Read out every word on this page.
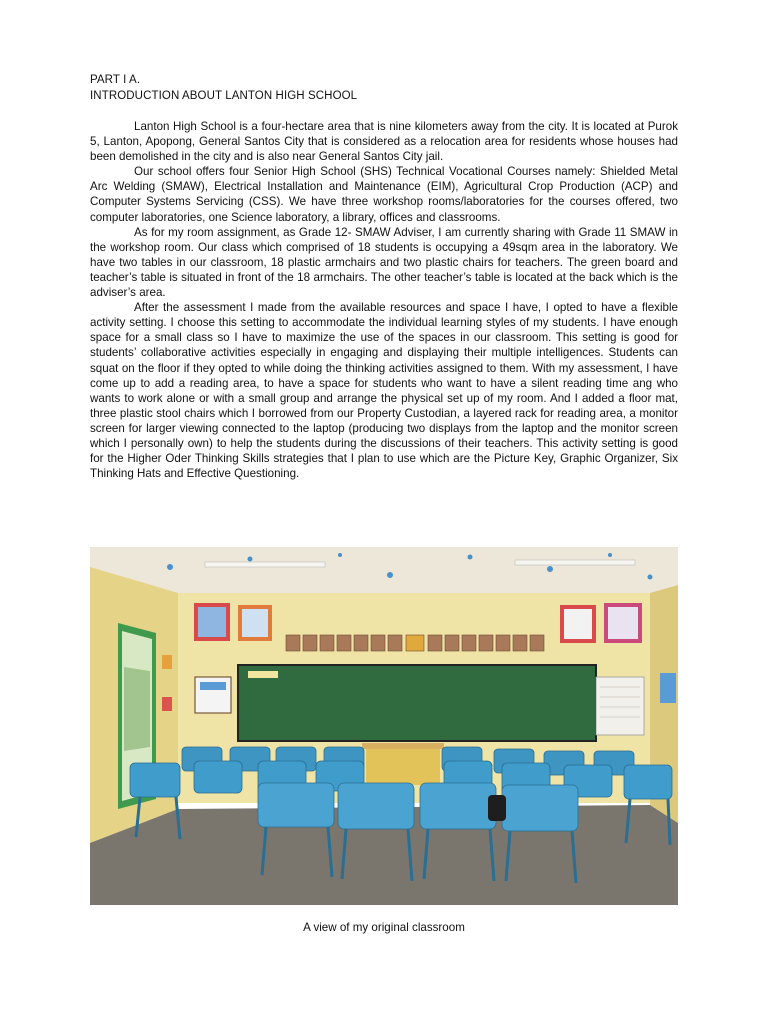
PART I A.
INTRODUCTION ABOUT LANTON HIGH SCHOOL

Lanton High School is a four-hectare area that is nine kilometers away from the city. It is located at Purok 5, Lanton, Apopong, General Santos City that is considered as a relocation area for residents whose houses had been demolished in the city and is also near General Santos City jail.

Our school offers four Senior High School (SHS) Technical Vocational Courses namely: Shielded Metal Arc Welding (SMAW), Electrical Installation and Maintenance (EIM), Agricultural Crop Production (ACP) and Computer Systems Servicing (CSS). We have three workshop rooms/laboratories for the courses offered, two computer laboratories, one Science laboratory, a library, offices and classrooms.

As for my room assignment, as Grade 12- SMAW Adviser, I am currently sharing with Grade 11 SMAW in the workshop room. Our class which comprised of 18 students is occupying a 49sqm area in the laboratory. We have two tables in our classroom, 18 plastic armchairs and two plastic chairs for teachers. The green board and teacher’s table is situated in front of the 18 armchairs. The other teacher’s table is located at the back which is the adviser’s area.

After the assessment I made from the available resources and space I have, I opted to have a flexible activity setting. I choose this setting to accommodate the individual learning styles of my students. I have enough space for a small class so I have to maximize the use of the spaces in our classroom. This setting is good for students’ collaborative activities especially in engaging and displaying their multiple intelligences. Students can squat on the floor if they opted to while doing the thinking activities assigned to them. With my assessment, I have come up to add a reading area, to have a space for students who want to have a silent reading time ang who wants to work alone or with a small group and arrange the physical set up of my room. And I added a floor mat, three plastic stool chairs which I borrowed from our Property Custodian, a layered rack for reading area, a monitor screen for larger viewing connected to the laptop (producing two displays from the laptop and the monitor screen which I personally own) to help the students during the discussions of their teachers. This activity setting is good for the Higher Oder Thinking Skills strategies that I plan to use which are the Picture Key, Graphic Organizer, Six Thinking Hats and Effective Questioning.

A view of my original classroom
